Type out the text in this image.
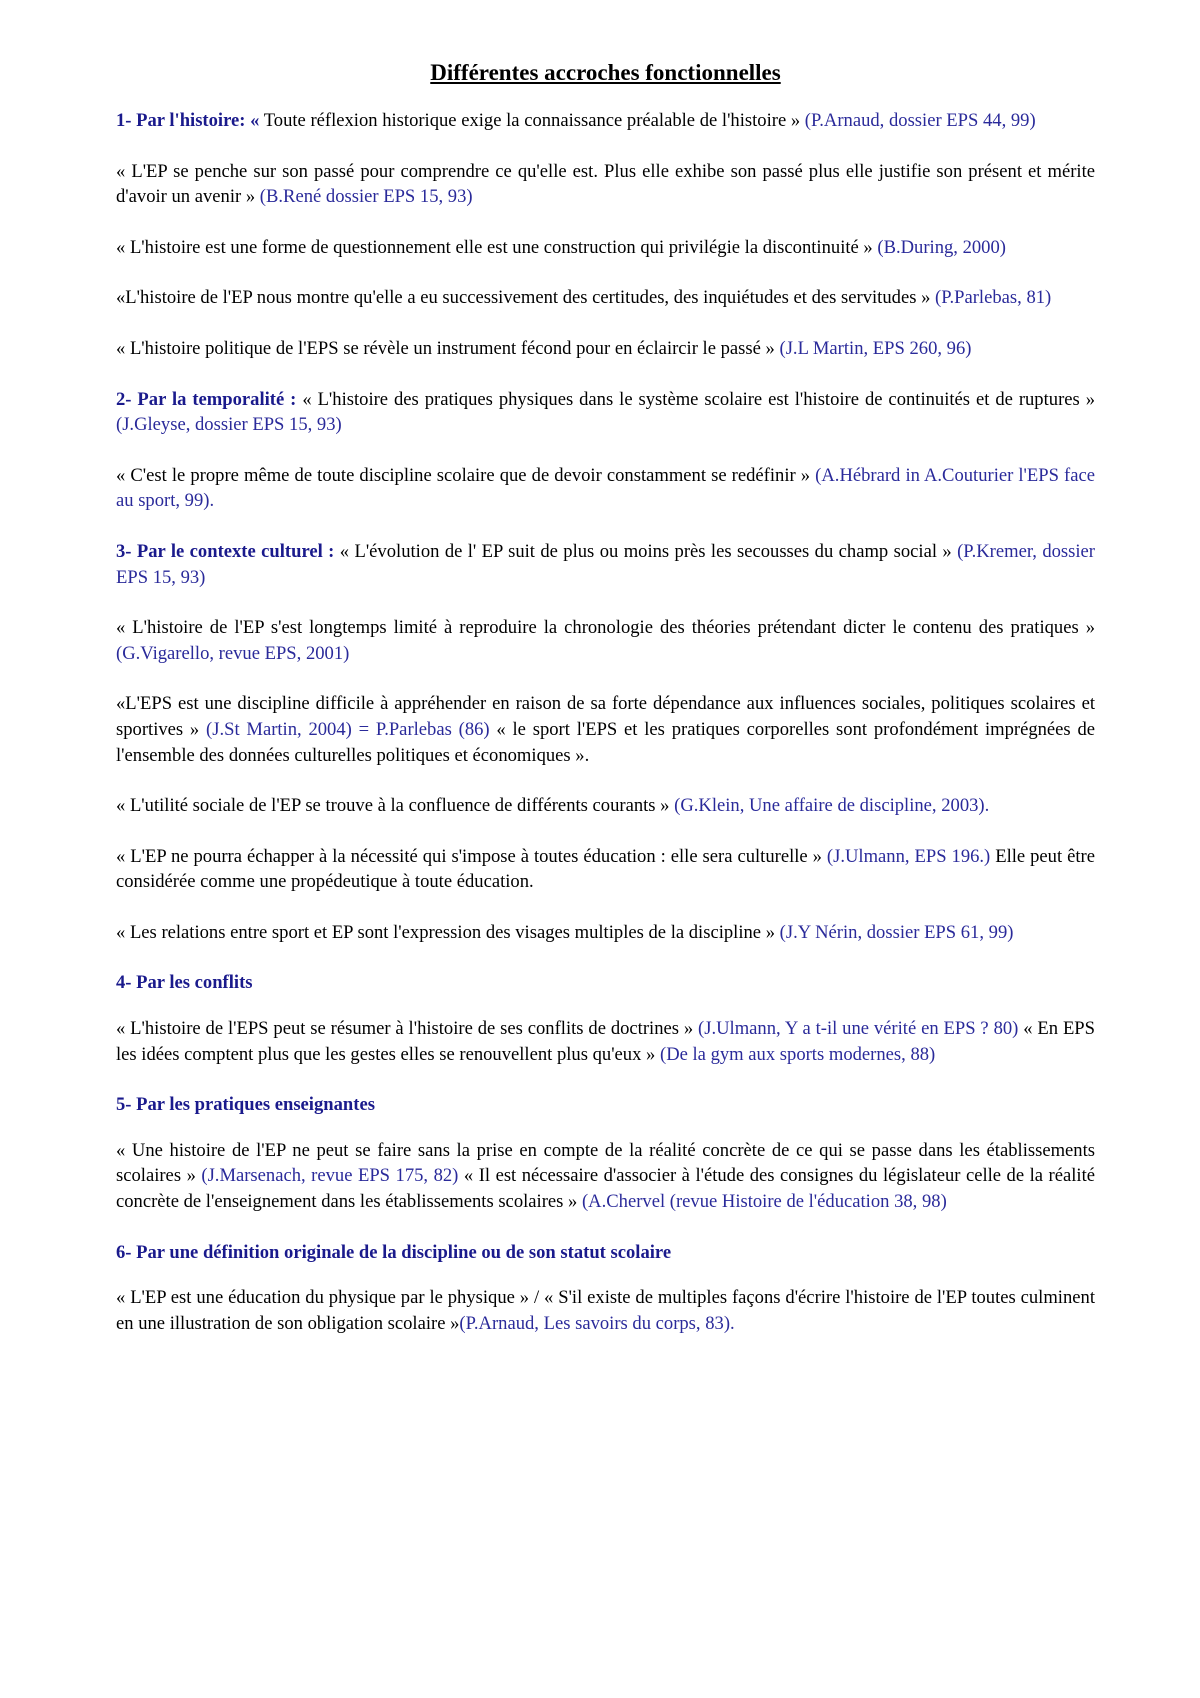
Différentes accroches fonctionnelles

1- Par l'histoire: « Toute réflexion historique exige la connaissance préalable de l'histoire » (P.Arnaud, dossier EPS 44, 99)

« L'EP se penche sur son passé pour comprendre ce qu'elle est. Plus elle exhibe son passé plus elle justifie son présent et mérite d'avoir un avenir » (B.René dossier EPS 15, 93)

« L'histoire est une forme de questionnement elle est une construction qui privilégie la discontinuité » (B.During, 2000)

«L'histoire de l'EP nous montre qu'elle a eu successivement des certitudes, des inquiétudes et des servitudes » (P.Parlebas, 81)

« L'histoire politique de l'EPS se révèle un instrument fécond pour en éclaircir le passé » (J.L Martin, EPS 260, 96)

2- Par la temporalité : « L'histoire des pratiques physiques dans le système scolaire est l'histoire de continuités et de ruptures » (J.Gleyse, dossier EPS 15, 93)

« C'est le propre même de toute discipline scolaire que de devoir constamment se redéfinir » (A.Hébrard in A.Couturier l'EPS face au sport, 99).

3- Par le contexte culturel : « L'évolution de l' EP suit de plus ou moins près les secousses du champ social » (P.Kremer, dossier EPS 15, 93)

« L'histoire de l'EP s'est longtemps limité à reproduire la chronologie des théories prétendant dicter le contenu des pratiques » (G.Vigarello, revue EPS, 2001)

«L'EPS est une discipline difficile à appréhender en raison de sa forte dépendance aux influences sociales, politiques scolaires et sportives » (J.St Martin, 2004) = P.Parlebas (86) « le sport l'EPS et les pratiques corporelles sont profondément imprégnées de l'ensemble des données culturelles politiques et économiques ».

« L'utilité sociale de l'EP se trouve à la confluence de différents courants » (G.Klein, Une affaire de discipline, 2003).

« L'EP ne pourra échapper à la nécessité qui s'impose à toutes éducation : elle sera culturelle » (J.Ulmann, EPS 196.) Elle peut être considérée comme une propédeutique à toute éducation.

« Les relations entre sport et EP sont l'expression des visages multiples de la discipline » (J.Y Nérin, dossier EPS 61, 99)

4- Par les conflits

« L'histoire de l'EPS peut se résumer à l'histoire de ses conflits de doctrines » (J.Ulmann, Y a t-il une vérité en EPS ? 80) « En EPS les idées comptent plus que les gestes elles se renouvellent plus qu'eux » (De la gym aux sports modernes, 88)

5- Par les pratiques enseignantes

« Une histoire de l'EP ne peut se faire sans la prise en compte de la réalité concrète de ce qui se passe dans les établissements scolaires » (J.Marsenach, revue EPS 175, 82) « Il est nécessaire d'associer à l'étude des consignes du législateur celle de la réalité concrète de l'enseignement dans les établissements scolaires » (A.Chervel (revue Histoire de l'éducation 38, 98)

6- Par une définition originale de la discipline ou de son statut scolaire

« L'EP est une éducation du physique par le physique » / « S'il existe de multiples façons d'écrire l'histoire de l'EP toutes culminent en une illustration de son obligation scolaire »(P.Arnaud, Les savoirs du corps, 83).
